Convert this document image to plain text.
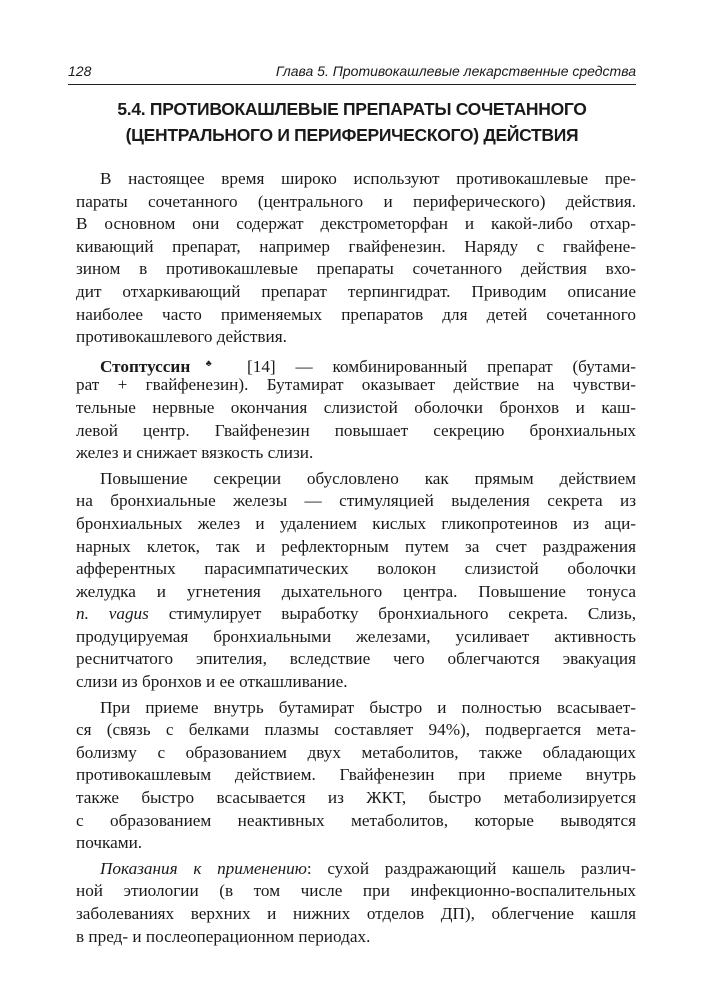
128	Глава 5. Противокашлевые лекарственные средства
5.4. ПРОТИВОКАШЛЕВЫЕ ПРЕПАРАТЫ СОЧЕТАННОГО
(ЦЕНТРАЛЬНОГО И ПЕРИФЕРИЧЕСКОГО) ДЕЙСТВИЯ

В настоящее время широко используют противокашлевые пре-
параты сочетанного (центрального и периферического) действия.
В основном они содержат декстрометорфан и какой-либо отхар-
кивающий препарат, например гвайфенезин. Наряду с гвайфене-
зином в противокашлевые препараты сочетанного действия вхо-
дит отхаркивающий препарат терпингидрат. Приводим описание
наиболее часто применяемых препаратов для детей сочетанного
противокашлевого действия.

Стоптуссин♣ [14] — комбинированный препарат (бутами-
рат + гвайфенезин). Бутамират оказывает действие на чувстви-
тельные нервные окончания слизистой оболочки бронхов и каш-
левой центр. Гвайфенезин повышает секрецию бронхиальных
желез и снижает вязкость слизи.

Повышение секреции обусловлено как прямым действием
на бронхиальные железы — стимуляцией выделения секрета из
бронхиальных желез и удалением кислых гликопротеинов из аци-
нарных клеток, так и рефлекторным путем за счет раздражения
афферентных парасимпатических волокон слизистой оболочки
желудка и угнетения дыхательного центра. Повышение тонуса
n. vagus стимулирует выработку бронхиального секрета. Слизь,
продуцируемая бронхиальными железами, усиливает активность
реснитчатого эпителия, вследствие чего облегчаются эвакуация
слизи из бронхов и ее откашливание.

При приеме внутрь бутамират быстро и полностью всасывает-
ся (связь с белками плазмы составляет 94%), подвергается мета-
болизму с образованием двух метаболитов, также обладающих
противокашлевым действием. Гвайфенезин при приеме внутрь
также быстро всасывается из ЖКТ, быстро метаболизируется
с образованием неактивных метаболитов, которые выводятся
почками.

Показания к применению: сухой раздражающий кашель различ-
ной этиологии (в том числе при инфекционно-воспалительных
заболеваниях верхних и нижних отделов ДП), облегчение кашля
в пред- и послеоперационном периодах.
